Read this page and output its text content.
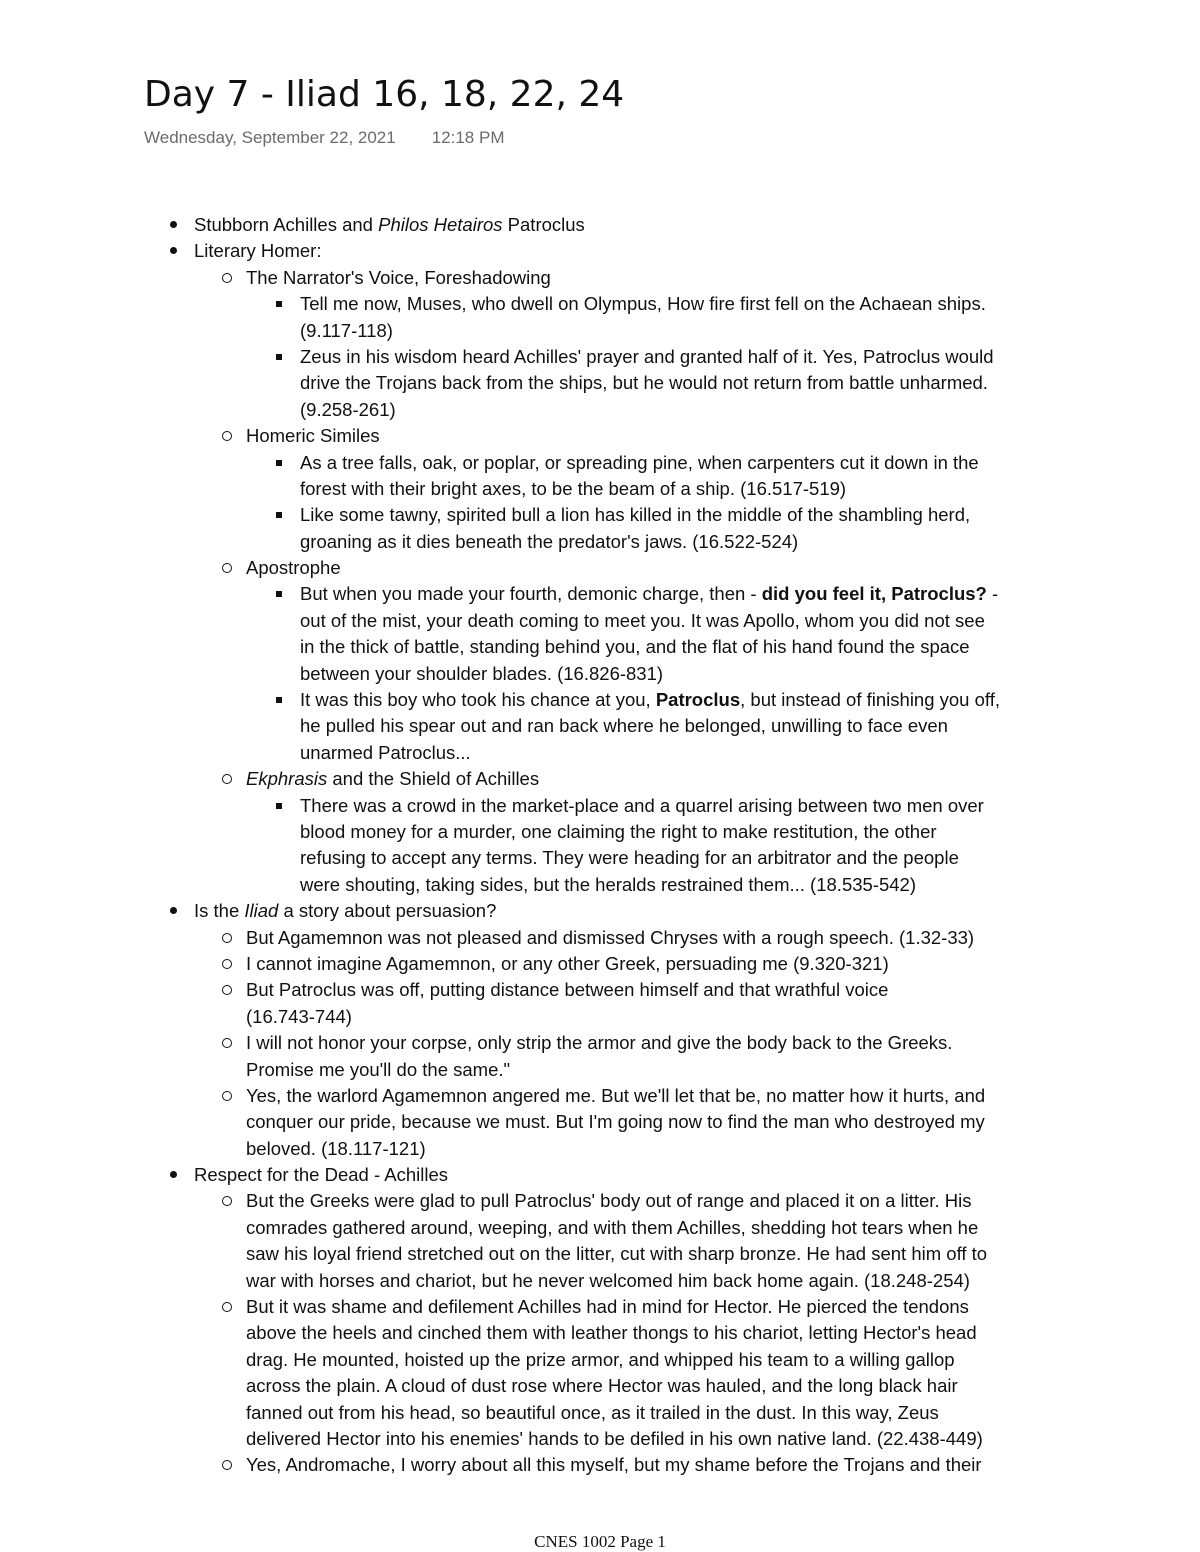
Day 7 - Iliad 16, 18, 22, 24
Wednesday, September 22, 2021 12:18 PM
Stubborn Achilles and Philos Hetairos Patroclus
Literary Homer:
The Narrator's Voice, Foreshadowing
Tell me now, Muses, who dwell on Olympus, How fire first fell on the Achaean ships.
(9.117-118)
Zeus in his wisdom heard Achilles' prayer and granted half of it. Yes, Patroclus would
drive the Trojans back from the ships, but he would not return from battle unharmed.
(9.258-261)
Homeric Similes
As a tree falls, oak, or poplar, or spreading pine, when carpenters cut it down in the
forest with their bright axes, to be the beam of a ship. (16.517-519)
Like some tawny, spirited bull a lion has killed in the middle of the shambling herd,
groaning as it dies beneath the predator's jaws. (16.522-524)
Apostrophe
But when you made your fourth, demonic charge, then - did you feel it, Patroclus? -
out of the mist, your death coming to meet you. It was Apollo, whom you did not see
in the thick of battle, standing behind you, and the flat of his hand found the space
between your shoulder blades. (16.826-831)
It was this boy who took his chance at you, Patroclus, but instead of finishing you off,
he pulled his spear out and ran back where he belonged, unwilling to face even
unarmed Patroclus...
Ekphrasis and the Shield of Achilles
There was a crowd in the market-place and a quarrel arising between two men over
blood money for a murder, one claiming the right to make restitution, the other
refusing to accept any terms. They were heading for an arbitrator and the people
were shouting, taking sides, but the heralds restrained them... (18.535-542)
Is the Iliad a story about persuasion?
But Agamemnon was not pleased and dismissed Chryses with a rough speech. (1.32-33)
I cannot imagine Agamemnon, or any other Greek, persuading me (9.320-321)
But Patroclus was off, putting distance between himself and that wrathful voice
(16.743-744)
I will not honor your corpse, only strip the armor and give the body back to the Greeks.
Promise me you'll do the same."
Yes, the warlord Agamemnon angered me. But we'll let that be, no matter how it hurts, and
conquer our pride, because we must. But I'm going now to find the man who destroyed my
beloved. (18.117-121)
Respect for the Dead - Achilles
But the Greeks were glad to pull Patroclus' body out of range and placed it on a litter. His
comrades gathered around, weeping, and with them Achilles, shedding hot tears when he
saw his loyal friend stretched out on the litter, cut with sharp bronze. He had sent him off to
war with horses and chariot, but he never welcomed him back home again. (18.248-254)
But it was shame and defilement Achilles had in mind for Hector. He pierced the tendons
above the heels and cinched them with leather thongs to his chariot, letting Hector's head
drag. He mounted, hoisted up the prize armor, and whipped his team to a willing gallop
across the plain. A cloud of dust rose where Hector was hauled, and the long black hair
fanned out from his head, so beautiful once, as it trailed in the dust. In this way, Zeus
delivered Hector into his enemies' hands to be defiled in his own native land. (22.438-449)
Yes, Andromache, I worry about all this myself, but my shame before the Trojans and their
CNES 1002 Page 1
